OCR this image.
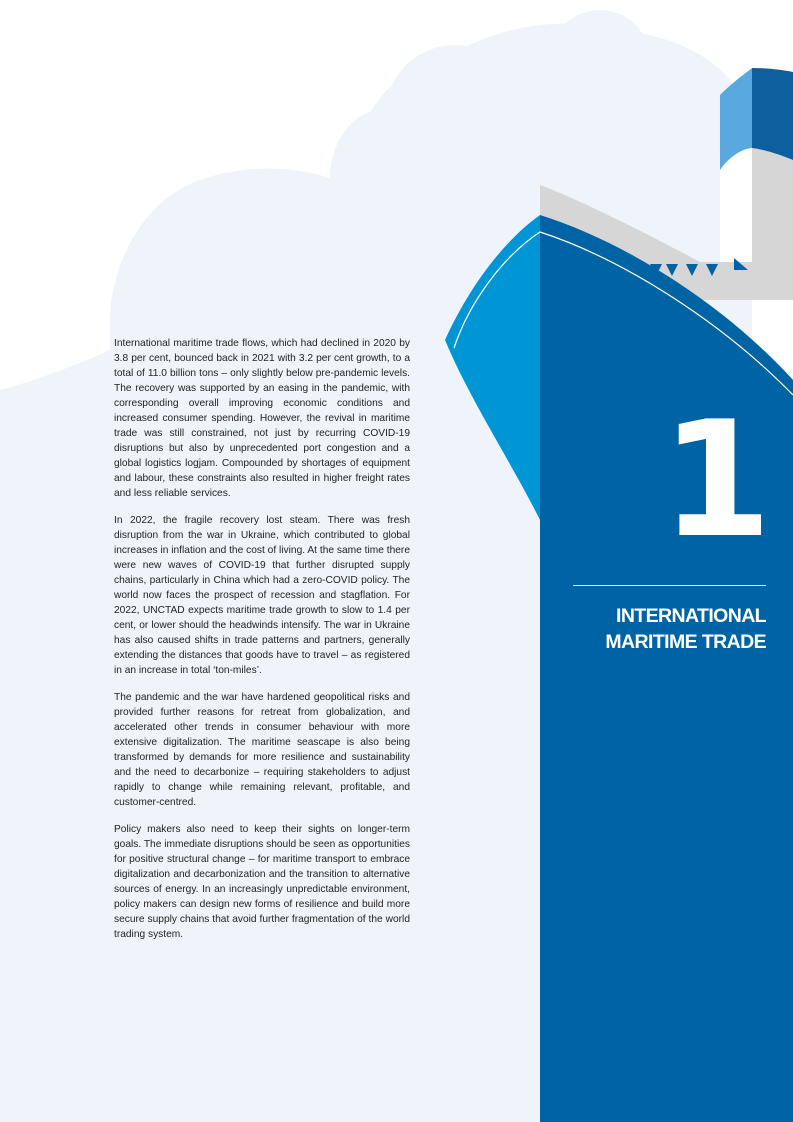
International maritime trade flows, which had declined in 2020 by 3.8 per cent, bounced back in 2021 with 3.2 per cent growth, to a total of 11.0 billion tons – only slightly below pre-pandemic levels. The recovery was supported by an easing in the pandemic, with corresponding overall improving economic conditions and increased consumer spending. However, the revival in maritime trade was still constrained, not just by recurring COVID-19 disruptions but also by unprecedented port congestion and a global logistics logjam. Compounded by shortages of equipment and labour, these constraints also resulted in higher freight rates and less reliable services.

In 2022, the fragile recovery lost steam. There was fresh disruption from the war in Ukraine, which contributed to global increases in inflation and the cost of living. At the same time there were new waves of COVID-19 that further disrupted supply chains, particularly in China which had a zero-COVID policy. The world now faces the prospect of recession and stagflation. For 2022, UNCTAD expects maritime trade growth to slow to 1.4 per cent, or lower should the headwinds intensify. The war in Ukraine has also caused shifts in trade patterns and partners, generally extending the distances that goods have to travel – as registered in an increase in total ‘ton-miles’.

The pandemic and the war have hardened geopolitical risks and provided further reasons for retreat from globalization, and accelerated other trends in consumer behaviour with more extensive digitalization. The maritime seascape is also being transformed by demands for more resilience and sustainability and the need to decarbonize – requiring stakeholders to adjust rapidly to change while remaining relevant, profitable, and customer-centred.

Policy makers also need to keep their sights on longer-term goals. The immediate disruptions should be seen as opportunities for positive structural change – for maritime transport to embrace digitalization and decarbonization and the transition to alternative sources of energy. In an increasingly unpredictable environment, policy makers can design new forms of resilience and build more secure supply chains that avoid further fragmentation of the world trading system.

1
INTERNATIONAL
MARITIME TRADE
